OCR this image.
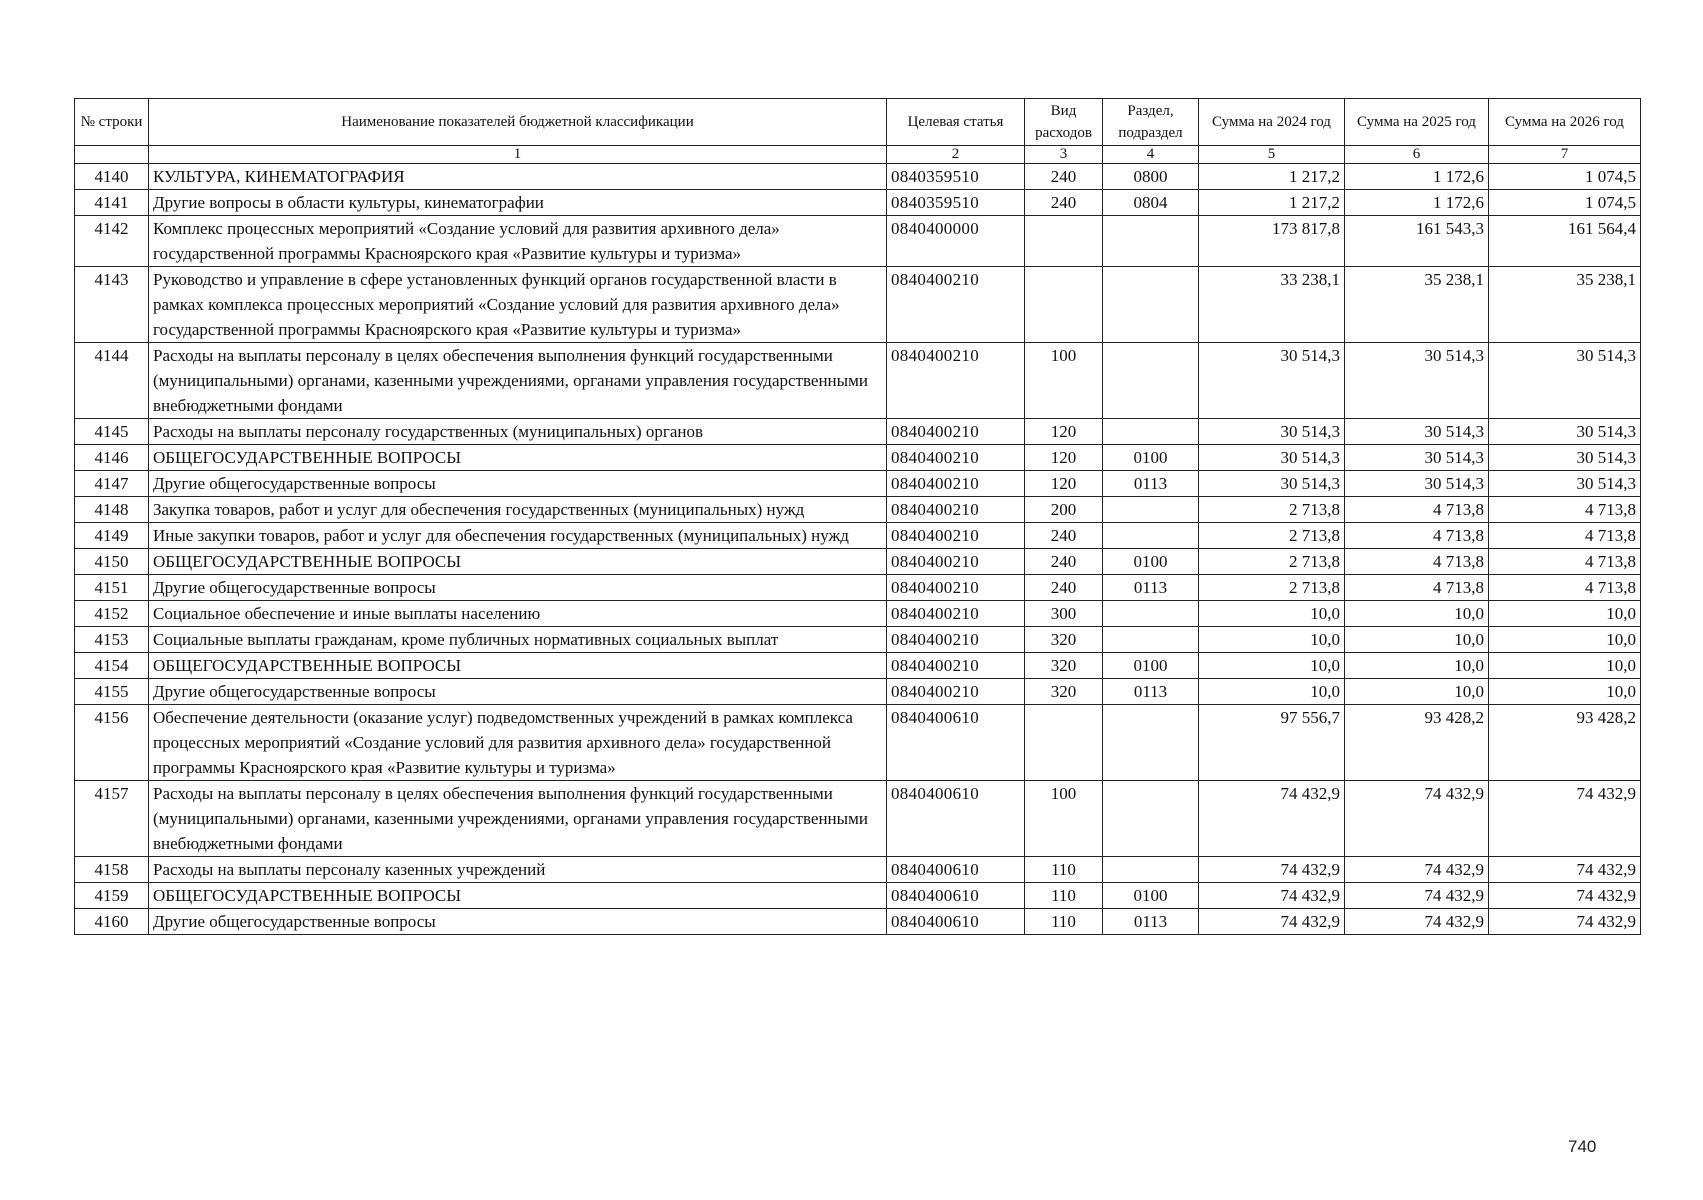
№ строки	Наименование показателей бюджетной классификации	Целевая статья	Вид расходов	Раздел, подраздел	Сумма на 2024 год	Сумма на 2025 год	Сумма на 2026 год
	1	2	3	4	5	6	7
4140	КУЛЬТУРА, КИНЕМАТОГРАФИЯ	0840359510	240	0800	1 217,2	1 172,6	1 074,5
4141	Другие вопросы в области культуры, кинематографии	0840359510	240	0804	1 217,2	1 172,6	1 074,5
4142	Комплекс процессных мероприятий «Создание условий для развития архивного дела» государственной программы Красноярского края «Развитие культуры и туризма»	0840400000			173 817,8	161 543,3	161 564,4
4143	Руководство и управление в сфере установленных функций органов государственной власти в рамках комплекса процессных мероприятий «Создание условий для развития архивного дела» государственной программы Красноярского края «Развитие культуры и туризма»	0840400210			33 238,1	35 238,1	35 238,1
4144	Расходы на выплаты персоналу в целях обеспечения выполнения функций государственными (муниципальными) органами, казенными учреждениями, органами управления государственными внебюджетными фондами	0840400210	100		30 514,3	30 514,3	30 514,3
4145	Расходы на выплаты персоналу государственных (муниципальных) органов	0840400210	120		30 514,3	30 514,3	30 514,3
4146	ОБЩЕГОСУДАРСТВЕННЫЕ ВОПРОСЫ	0840400210	120	0100	30 514,3	30 514,3	30 514,3
4147	Другие общегосударственные вопросы	0840400210	120	0113	30 514,3	30 514,3	30 514,3
4148	Закупка товаров, работ и услуг для обеспечения государственных (муниципальных) нужд	0840400210	200		2 713,8	4 713,8	4 713,8
4149	Иные закупки товаров, работ и услуг для обеспечения государственных (муниципальных) нужд	0840400210	240		2 713,8	4 713,8	4 713,8
4150	ОБЩЕГОСУДАРСТВЕННЫЕ ВОПРОСЫ	0840400210	240	0100	2 713,8	4 713,8	4 713,8
4151	Другие общегосударственные вопросы	0840400210	240	0113	2 713,8	4 713,8	4 713,8
4152	Социальное обеспечение и иные выплаты населению	0840400210	300		10,0	10,0	10,0
4153	Социальные выплаты гражданам, кроме публичных нормативных социальных выплат	0840400210	320		10,0	10,0	10,0
4154	ОБЩЕГОСУДАРСТВЕННЫЕ ВОПРОСЫ	0840400210	320	0100	10,0	10,0	10,0
4155	Другие общегосударственные вопросы	0840400210	320	0113	10,0	10,0	10,0
4156	Обеспечение деятельности (оказание услуг) подведомственных учреждений в рамках комплекса процессных мероприятий «Создание условий для развития архивного дела» государственной программы Красноярского края «Развитие культуры и туризма»	0840400610			97 556,7	93 428,2	93 428,2
4157	Расходы на выплаты персоналу в целях обеспечения выполнения функций государственными (муниципальными) органами, казенными учреждениями, органами управления государственными внебюджетными фондами	0840400610	100		74 432,9	74 432,9	74 432,9
4158	Расходы на выплаты персоналу казенных учреждений	0840400610	110		74 432,9	74 432,9	74 432,9
4159	ОБЩЕГОСУДАРСТВЕННЫЕ ВОПРОСЫ	0840400610	110	0100	74 432,9	74 432,9	74 432,9
4160	Другие общегосударственные вопросы	0840400610	110	0113	74 432,9	74 432,9	74 432,9
740
